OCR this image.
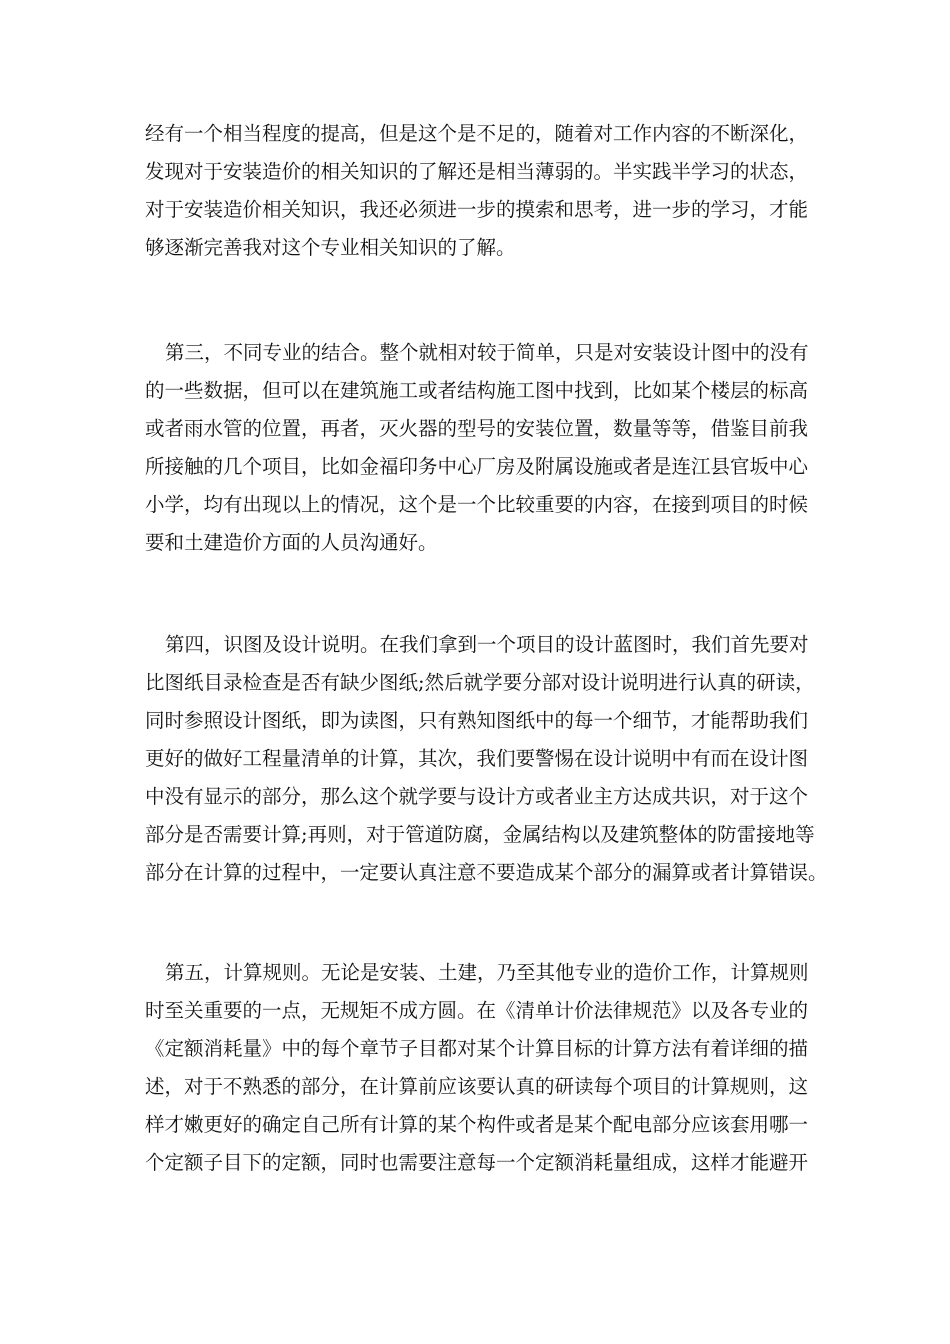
经有一个相当程度的提高，但是这个是不足的，随着对工作内容的不断深化，
发现对于安装造价的相关知识的了解还是相当薄弱的。半实践半学习的状态，
对于安装造价相关知识，我还必须进一步的摸索和思考，进一步的学习，才能
够逐渐完善我对这个专业相关知识的了解。
第三，不同专业的结合。整个就相对较于简单，只是对安装设计图中的没有
的一些数据，但可以在建筑施工或者结构施工图中找到，比如某个楼层的标高
或者雨水管的位置，再者，灭火器的型号的安装位置，数量等等，借鉴目前我
所接触的几个项目，比如金福印务中心厂房及附属设施或者是连江县官坂中心
小学，均有出现以上的情况，这个是一个比较重要的内容，在接到项目的时候
要和土建造价方面的人员沟通好。
第四，识图及设计说明。在我们拿到一个项目的设计蓝图时，我们首先要对
比图纸目录检查是否有缺少图纸;然后就学要分部对设计说明进行认真的研读，
同时参照设计图纸，即为读图，只有熟知图纸中的每一个细节，才能帮助我们
更好的做好工程量清单的计算，其次，我们要警惕在设计说明中有而在设计图
中没有显示的部分，那么这个就学要与设计方或者业主方达成共识，对于这个
部分是否需要计算;再则，对于管道防腐，金属结构以及建筑整体的防雷接地等
部分在计算的过程中，一定要认真注意不要造成某个部分的漏算或者计算错误。
第五，计算规则。无论是安装、土建，乃至其他专业的造价工作，计算规则
时至关重要的一点，无规矩不成方圆。在《清单计价法律规范》以及各专业的
《定额消耗量》中的每个章节子目都对某个计算目标的计算方法有着详细的描
述，对于不熟悉的部分，在计算前应该要认真的研读每个项目的计算规则，这
样才嫩更好的确定自己所有计算的某个构件或者是某个配电部分应该套用哪一
个定额子目下的定额，同时也需要注意每一个定额消耗量组成，这样才能避开
